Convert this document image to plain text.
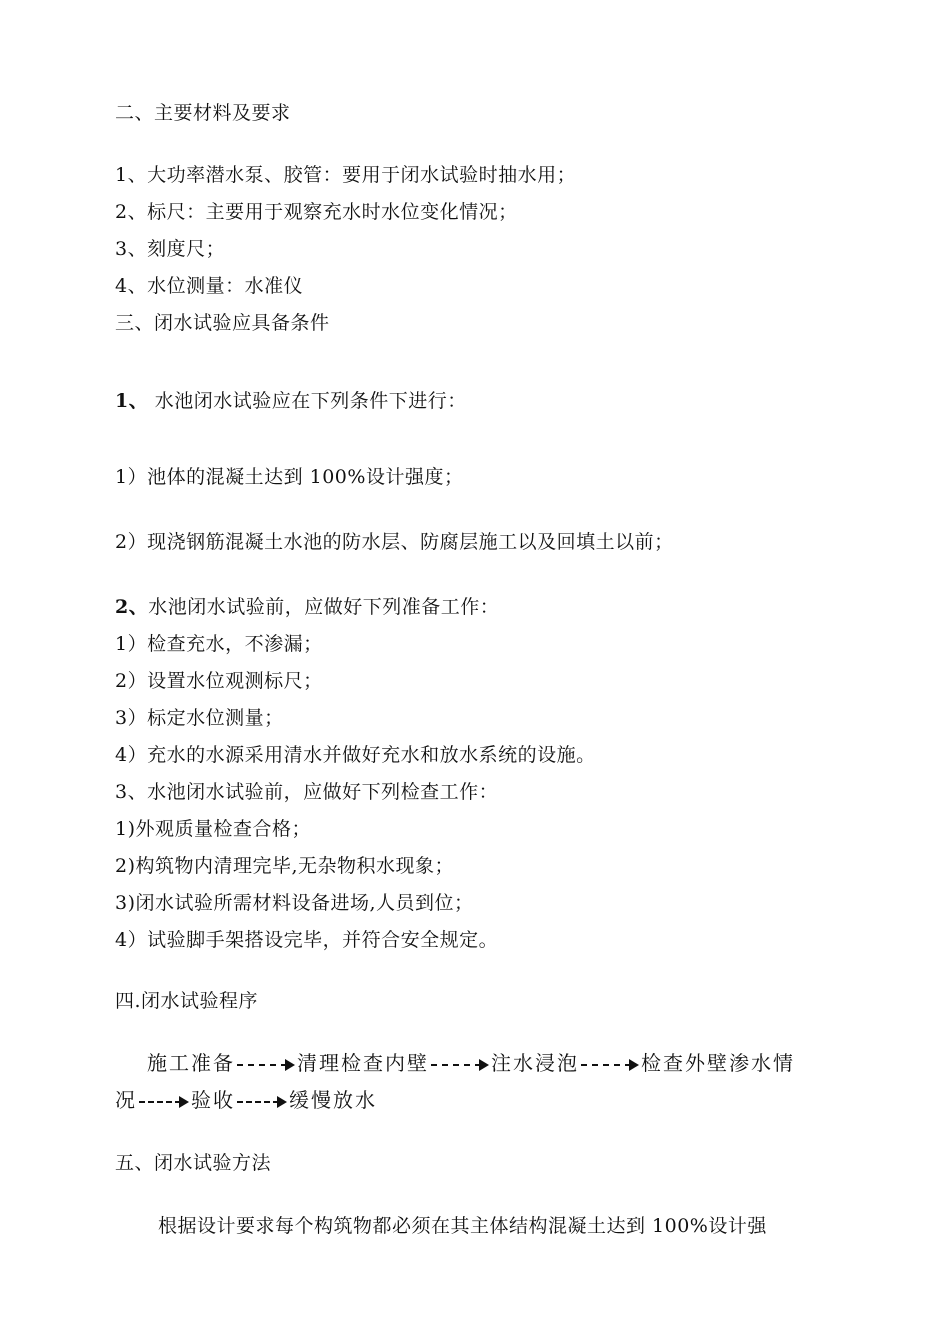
二、主要材料及要求
1、大功率潜水泵、胶管：要用于闭水试验时抽水用；
2、标尺：主要用于观察充水时水位变化情况；
3、刻度尺；
4、水位测量：水准仪
三、闭水试验应具备条件
1、 水池闭水试验应在下列条件下进行：
1）池体的混凝土达到 100%设计强度；
2）现浇钢筋混凝土水池的防水层、防腐层施工以及回填土以前；
2、水池闭水试验前，应做好下列准备工作：
1）检查充水，不渗漏；
2）设置水位观测标尺；
3）标定水位测量；
4）充水的水源采用清水并做好充水和放水系统的设施。
3、水池闭水试验前，应做好下列检查工作：
1)外观质量检查合格；
2)构筑物内清理完毕,无杂物积水现象；
3)闭水试验所需材料设备进场,人员到位；
4）试验脚手架搭设完毕，并符合安全规定。
四.闭水试验程序
施工准备	清理检查内壁	注水浸泡	检查外壁渗水情
况	验收	缓慢放水
五、闭水试验方法
根据设计要求每个构筑物都必须在其主体结构混凝土达到 100%设计强
